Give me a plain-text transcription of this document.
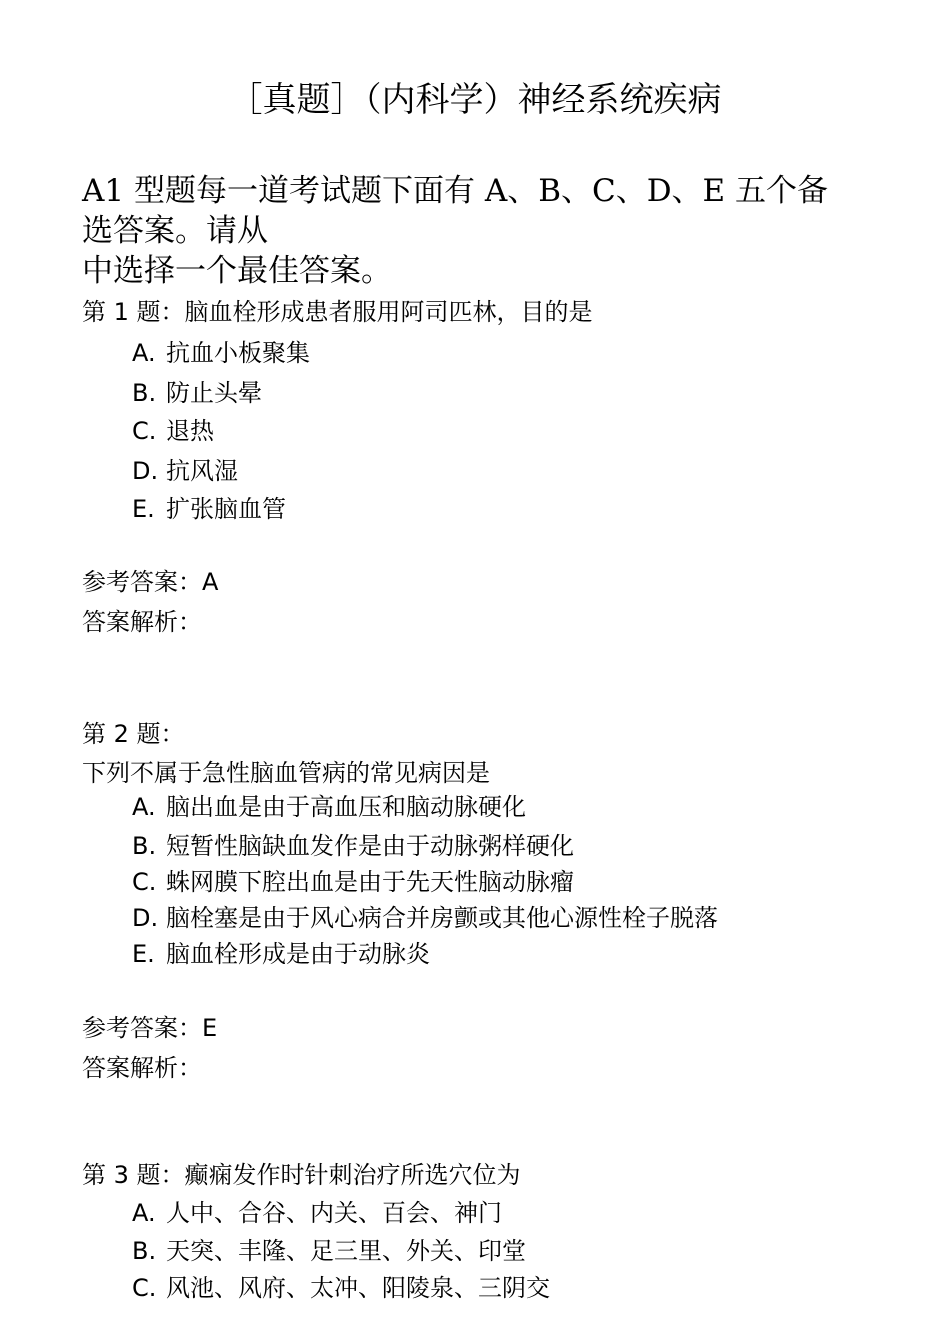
［真题］（内科学）神经系统疾病
A1 型题每一道考试题下面有 A、B、C、D、E 五个备
选答案。请从
中选择一个最佳答案。
第 1 题：脑血栓形成患者服用阿司匹林，目的是
A. 抗血小板聚集
B. 防止头晕
C. 退热
D. 抗风湿
E. 扩张脑血管
参考答案：A
答案解析：
第 2 题：
下列不属于急性脑血管病的常见病因是
A. 脑出血是由于高血压和脑动脉硬化
B. 短暂性脑缺血发作是由于动脉粥样硬化
C. 蛛网膜下腔出血是由于先天性脑动脉瘤
D. 脑栓塞是由于风心病合并房颤或其他心源性栓子脱落
E. 脑血栓形成是由于动脉炎
参考答案：E
答案解析：
第 3 题：癫痫发作时针刺治疗所选穴位为
A. 人中、合谷、内关、百会、神门
B. 天突、丰隆、足三里、外关、印堂
C. 风池、风府、太冲、阳陵泉、三阴交
